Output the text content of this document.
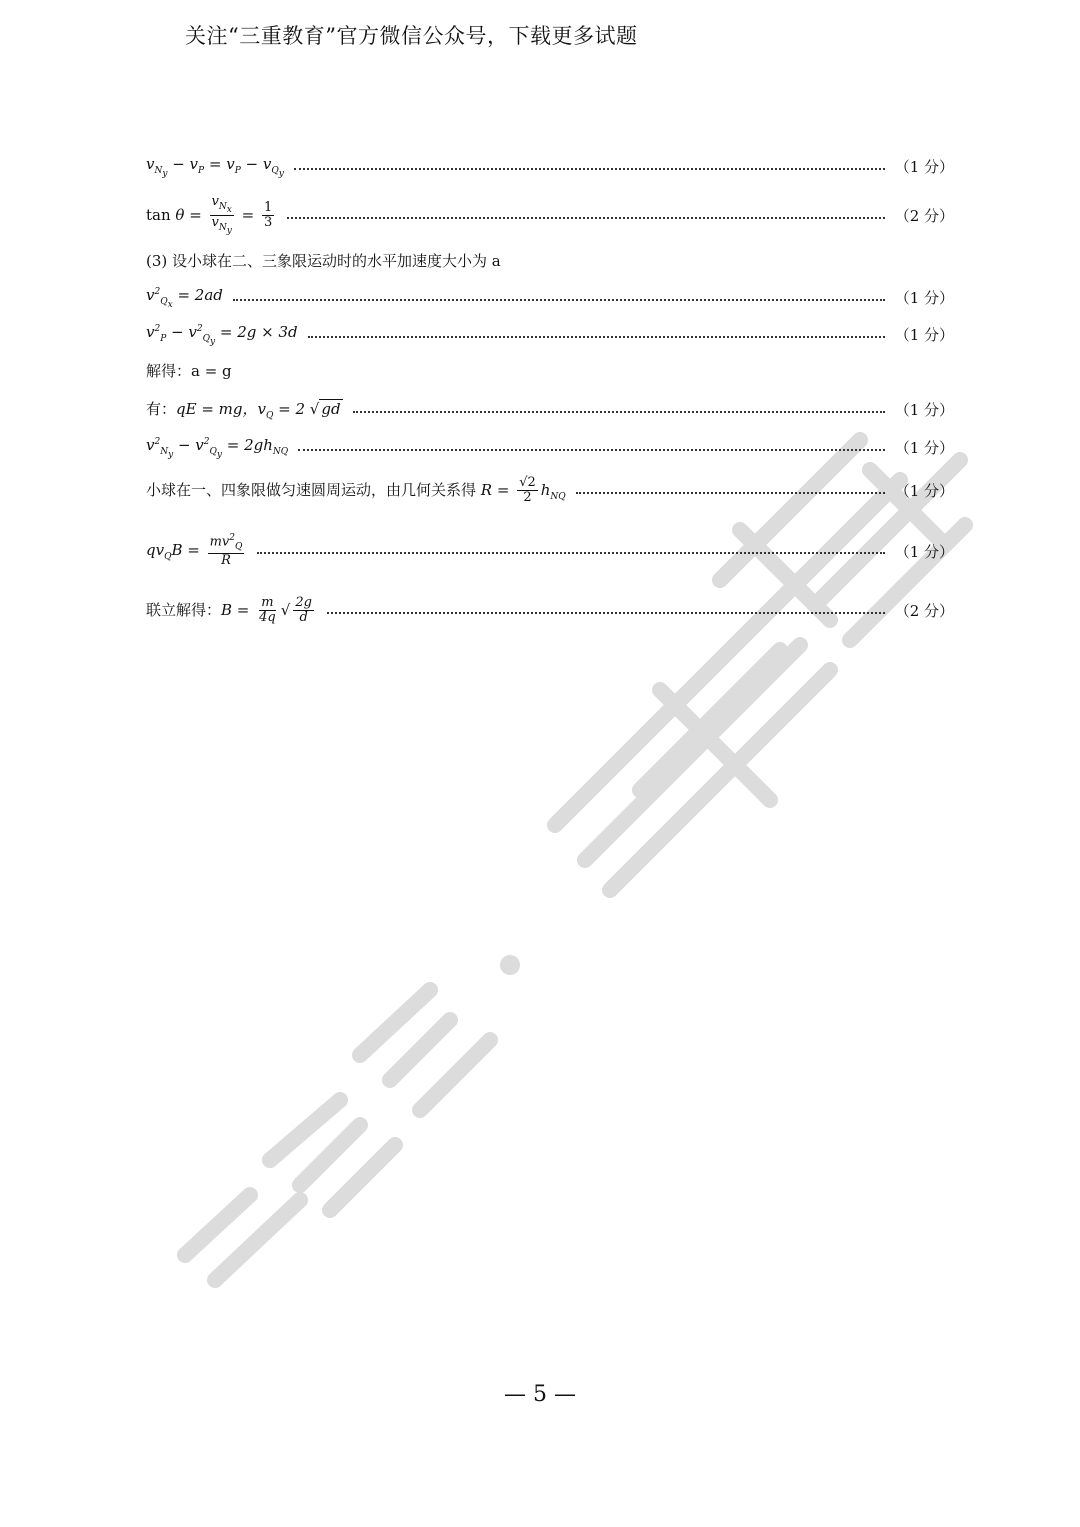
关注“三重教育”官方微信公众号，下载更多试题
$v_{N_y} - v_P = v_P - v_{Q_y}$	（1 分）
$\tan \theta = \frac{v_{N_x}}{v_{N_y}} = \frac{1}{3}$	（2 分）
(3) 设小球在二、三象限运动时的水平加速度大小为 a
$v^2_{Q_x} = 2ad$	（1 分）
$v^2_P - v^2_{Q_y} = 2g \times 3d$	（1 分）
解得：a = g
有：qE = mg，$v_Q = 2$ √ gd	（1 分）
$v^2_{N_y} - v^2_{Q_y} = 2gh_{NQ}$	（1 分）
小球在一、四象限做匀速圆周运动，由几何关系得 $R = \frac{√2}{2} h_{NQ}$	（1 分）
$qv_QB = \frac{mv^2_Q}{R}$	（1 分）
联立解得：$B = \frac{m}{4q}$ √ $\frac{2g}{d}$	（2 分）
— 5 —
